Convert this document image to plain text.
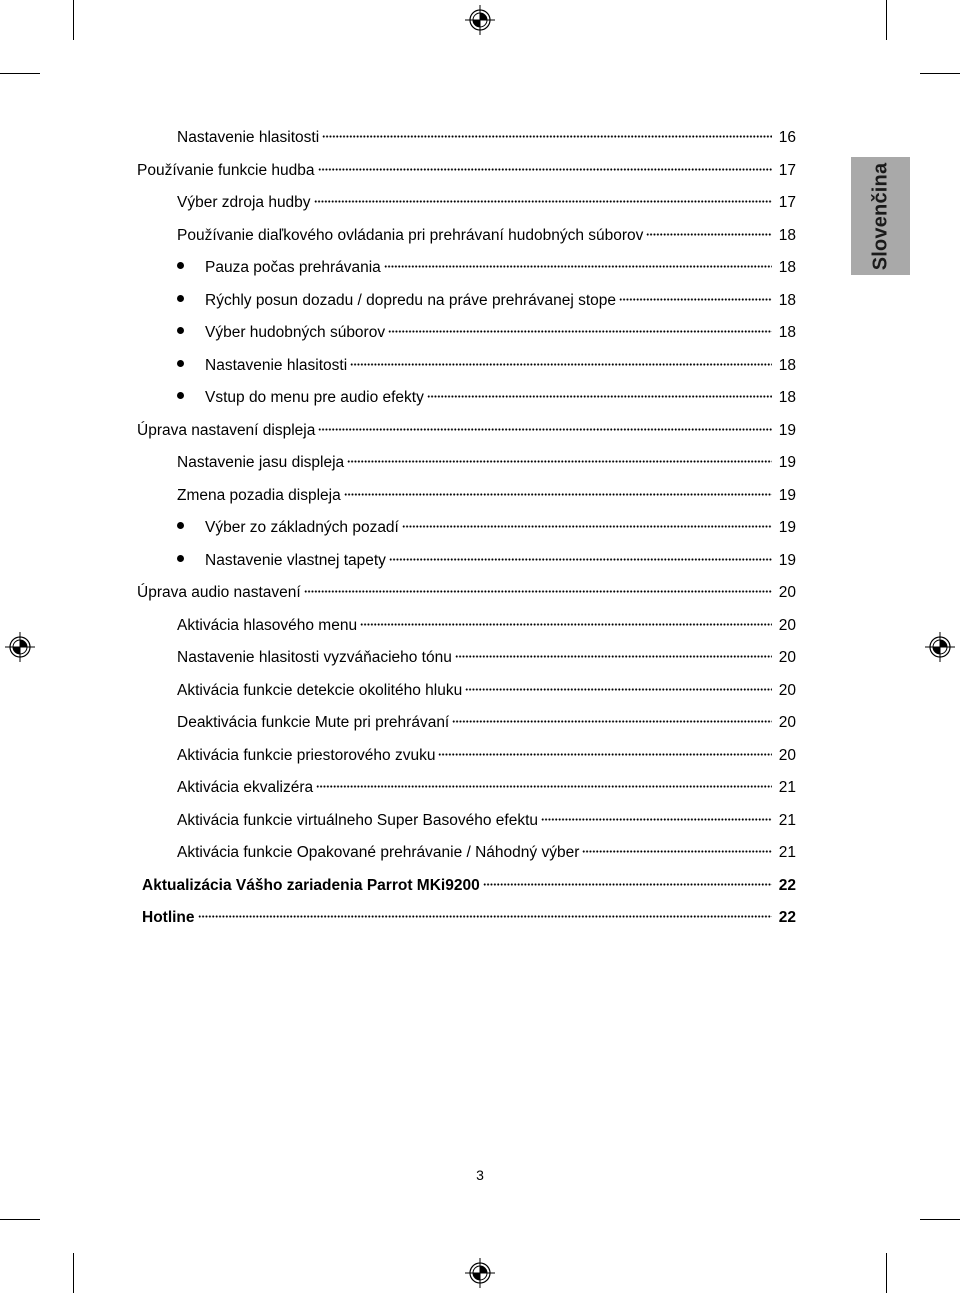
Slovenčina
Nastavenie hlasitosti	16
Používanie funkcie hudba	17
Výber zdroja hudby	17
Používanie diaľkového ovládania pri prehrávaní hudobných súborov	18
Pauza počas prehrávania	18
Rýchly posun dozadu / dopredu na práve prehrávanej stope	18
Výber hudobných súborov	18
Nastavenie hlasitosti	18
Vstup do menu pre audio efekty	18
Úprava nastavení displeja	19
Nastavenie jasu displeja	19
Zmena pozadia displeja	19
Výber zo základných pozadí	19
Nastavenie vlastnej tapety	19
Úprava audio nastavení	20
Aktivácia hlasového menu	20
Nastavenie hlasitosti vyzváňacieho tónu	20
Aktivácia funkcie detekcie okolitého hluku	20
Deaktivácia funkcie Mute pri prehrávaní	20
Aktivácia funkcie priestorového zvuku	20
Aktivácia ekvalizéra	21
Aktivácia funkcie virtuálneho Super Basového efektu	21
Aktivácia funkcie Opakované prehrávanie / Náhodný výber	21
Aktualizácia Vášho zariadenia Parrot MKi9200	22
Hotline	22
3
